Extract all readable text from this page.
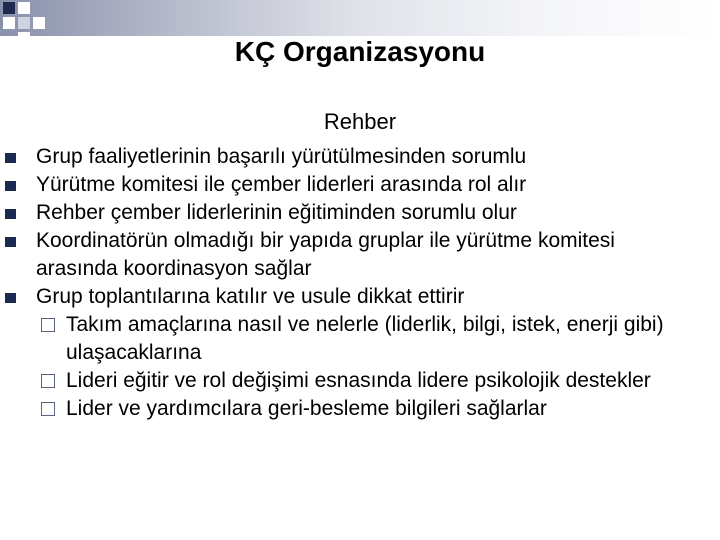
KÇ Organizasyonu
Rehber
Grup faaliyetlerinin başarılı yürütülmesinden sorumlu
Yürütme komitesi ile çember liderleri arasında rol alır
Rehber çember liderlerinin eğitiminden sorumlu olur
Koordinatörün olmadığı bir yapıda gruplar ile yürütme komitesi arasında koordinasyon sağlar
Grup toplantılarına katılır ve usule dikkat ettirir
Takım amaçlarına nasıl ve nelerle (liderlik, bilgi, istek, enerji gibi) ulaşacaklarına
Lideri eğitir ve rol değişimi esnasında lidere psikolojik destekler
Lider ve yardımcılara geri-besleme bilgileri sağlarlar
